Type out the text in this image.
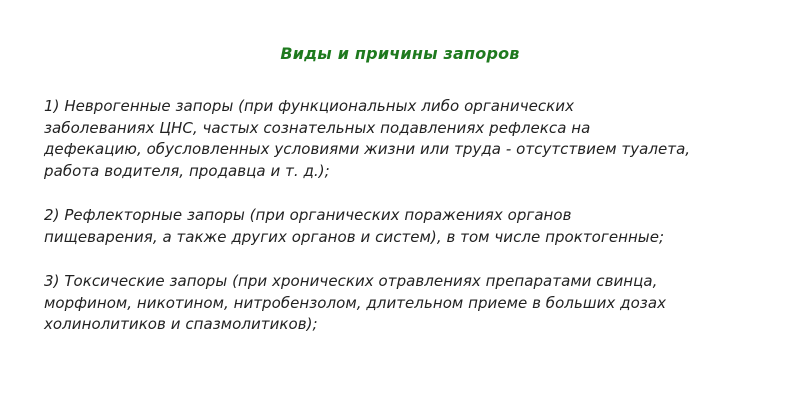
Виды и причины запоров
1) Неврогенные запоры (при функциональных либо органических
заболеваниях ЦНС, частых сознательных подавлениях рефлекса на
дефекацию, обусловленных условиями жизни или труда - отсутствием туалета,
работа водителя, продавца и т. д.);
2) Рефлекторные запоры (при органических поражениях органов
пищеварения, а также других органов и систем), в том числе проктогенные;
3) Токсические запоры (при хронических отравлениях препаратами свинца,
морфином, никотином, нитробензолом, длительном приеме в больших дозах
холинолитиков и спазмолитиков);
